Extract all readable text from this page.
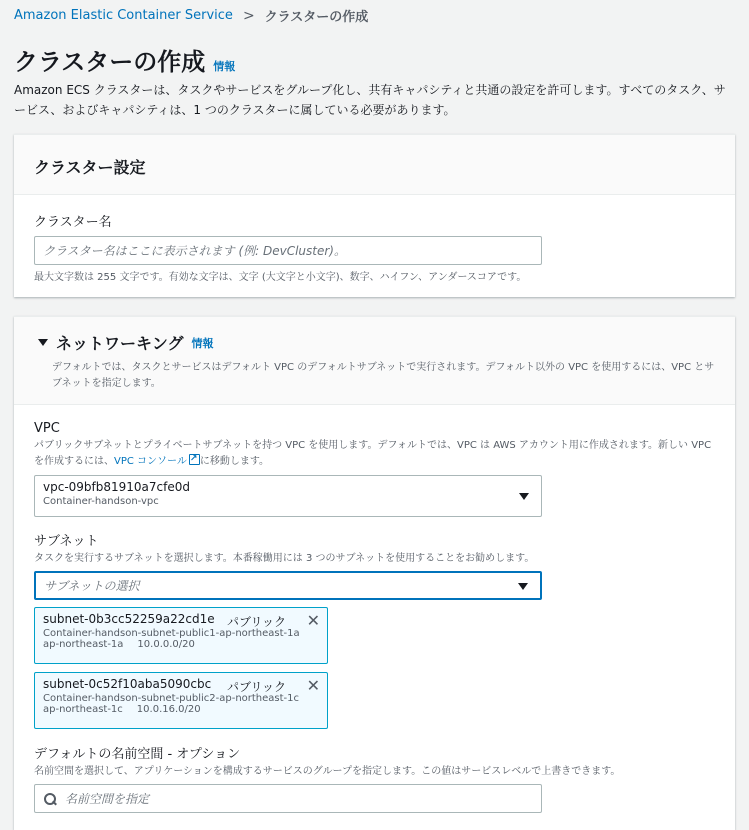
Amazon Elastic Container Service > クラスターの作成
クラスターの作成 情報
Amazon ECS クラスターは、タスクやサービスをグループ化し、共有キャパシティと共通の設定を許可します。すべてのタスク、サービス、およびキャパシティは、1 つのクラスターに属している必要があります。
クラスター設定
クラスター名
クラスター名はここに表示されます (例: DevCluster)。
最大文字数は 255 文字です。有効な文字は、文字 (大文字と小文字)、数字、ハイフン、アンダースコアです。
ネットワーキング 情報
デフォルトでは、タスクとサービスはデフォルト VPC のデフォルトサブネットで実行されます。デフォルト以外の VPC を使用するには、VPC とサブネットを指定します。
VPC
パブリックサブネットとプライベートサブネットを持つ VPC を使用します。デフォルトでは、VPC は AWS アカウント用に作成されます。新しい VPC を作成するには、VPC コンソール↗ に移動します。
vpc-09bfb81910a7cfe0d
Container-handson-vpc
サブネット
タスクを実行するサブネットを選択します。本番稼働用には 3 つのサブネットを使用することをお勧めします。
サブネットの選択
subnet-0b3cc52259a22cd1e	パブリック ✕
Container-handson-subnet-public1-ap-northeast-1a
ap-northeast-1a 10.0.0.0/20
subnet-0c52f10aba5090cbc	パブリック ✕
Container-handson-subnet-public2-ap-northeast-1c
ap-northeast-1c 10.0.16.0/20
デフォルトの名前空間 - オプション
名前空間を選択して、アプリケーションを構成するサービスのグループを指定します。この値はサービスレベルで上書きできます。
名前空間を指定
